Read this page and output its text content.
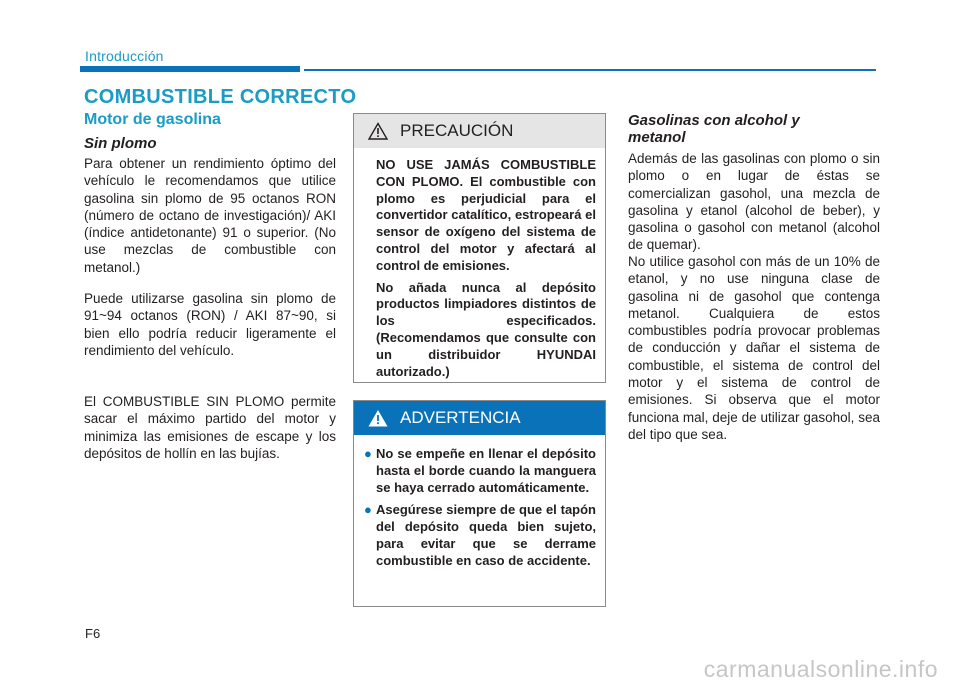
Introducción
COMBUSTIBLE CORRECTO
Motor de gasolina
Sin plomo

Para obtener un rendimiento óptimo del vehículo le recomendamos que utilice gasolina sin plomo de 95 octanos RON (número de octano de investigación)/ AKI (índice antidetonante) 91 o superior. (No use mezclas de combustible con metanol.)

Puede utilizarse gasolina sin plomo de 91~94 octanos (RON) / AKI 87~90, si bien ello podría reducir ligeramente el rendimiento del vehículo.

El COMBUSTIBLE SIN PLOMO permite sacar el máximo partido del motor y minimiza las emisiones de escape y los depósitos de hollín en las bujías.

PRECAUCIÓN

NO USE JAMÁS COMBUSTIBLE CON PLOMO. El combustible con plomo es perjudicial para el convertidor catalítico, estropeará el sensor de oxígeno del sistema de control del motor y afectará al control de emisiones.

No añada nunca al depósito productos limpiadores distintos de los especificados. (Recomendamos que consulte con un distribuidor HYUNDAI autorizado.)

ADVERTENCIA
● No se empeñe en llenar el depósito hasta el borde cuando la manguera se haya cerrado automáticamente.
● Asegúrese siempre de que el tapón del depósito queda bien sujeto, para evitar que se derrame combustible en caso de accidente.
Gasolinas con alcohol y metanol

Además de las gasolinas con plomo o sin plomo o en lugar de éstas se comercializan gasohol, una mezcla de gasolina y etanol (alcohol de beber), y gasolina o gasohol con metanol (alcohol de quemar).

No utilice gasohol con más de un 10% de etanol, y no use ninguna clase de gasolina ni de gasohol que contenga metanol. Cualquiera de estos combustibles podría provocar problemas de conducción y dañar el sistema de combustible, el sistema de control del motor y el sistema de control de emisiones. Si observa que el motor funciona mal, deje de utilizar gasohol, sea del tipo que sea.

F6
carmanualsonline.info
